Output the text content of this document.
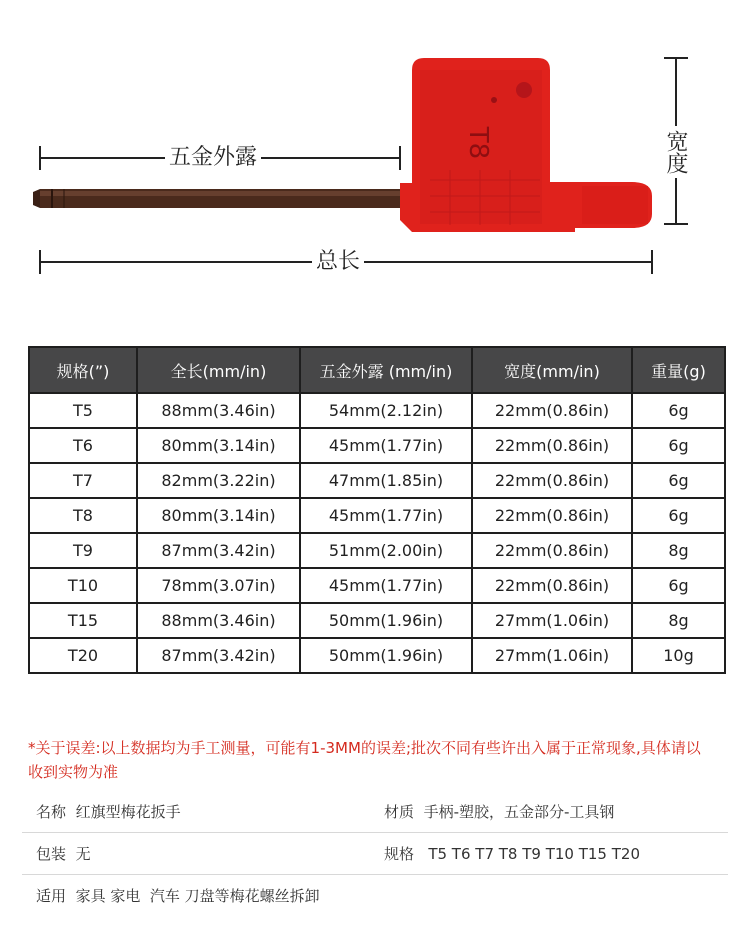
T8
五金外露
总长
宽度
规格(”)	全长(mm/in)	五金外露 (mm/in)	宽度(mm/in)	重量(g)
T5	88mm(3.46in)	54mm(2.12in)	22mm(0.86in)	6g
T6	80mm(3.14in)	45mm(1.77in)	22mm(0.86in)	6g
T7	82mm(3.22in)	47mm(1.85in)	22mm(0.86in)	6g
T8	80mm(3.14in)	45mm(1.77in)	22mm(0.86in)	6g
T9	87mm(3.42in)	51mm(2.00in)	22mm(0.86in)	8g
T10	78mm(3.07in)	45mm(1.77in)	22mm(0.86in)	6g
T15	88mm(3.46in)	50mm(1.96in)	27mm(1.06in)	8g
T20	87mm(3.42in)	50mm(1.96in)	27mm(1.06in)	10g
*关于误差:以上数据均为手工测量，可能有1-3MM的误差;批次不同有些许出入属于正常现象,具体请以收到实物为准
名称 红旗型梅花扳手	材质 手柄-塑胶，五金部分-工具钢
包装 无	规格 T5 T6 T7 T8 T9 T10 T15 T20
适用 家具 家电  汽车 刀盘等梅花螺丝拆卸
